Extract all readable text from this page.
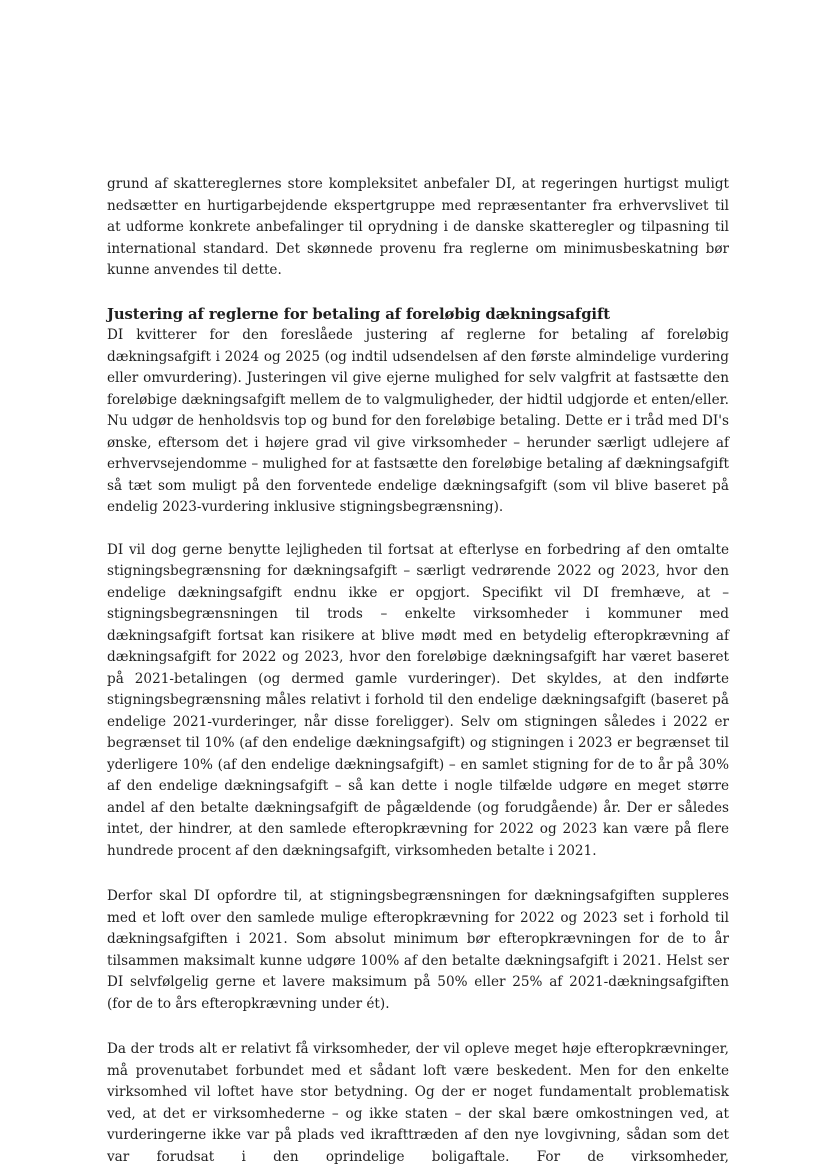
grund af skattereglernes store kompleksitet anbefaler DI, at regeringen hurtigst muligt nedsætter en hurtigarbejdende ekspertgruppe med repræsentanter fra erhvervslivet til at udforme konkrete anbefalinger til oprydning i de danske skatteregler og tilpasning til international standard. Det skønnede provenu fra reglerne om minimusbeskatning bør kunne anvendes til dette.

Justering af reglerne for betaling af foreløbig dækningsafgift

DI kvitterer for den foreslåede justering af reglerne for betaling af foreløbig dækningsafgift i 2024 og 2025 (og indtil udsendelsen af den første almindelige vurdering eller omvurdering). Justeringen vil give ejerne mulighed for selv valgfrit at fastsætte den foreløbige dækningsafgift mellem de to valgmuligheder, der hidtil udgjorde et enten/eller. Nu udgør de henholdsvis top og bund for den foreløbige betaling. Dette er i tråd med DI's ønske, eftersom det i højere grad vil give virksomheder – herunder særligt udlejere af erhvervsejendomme – mulighed for at fastsætte den foreløbige betaling af dækningsafgift så tæt som muligt på den forventede endelige dækningsafgift (som vil blive baseret på endelig 2023-vurdering inklusive stigningsbegrænsning).

DI vil dog gerne benytte lejligheden til fortsat at efterlyse en forbedring af den omtalte stigningsbegrænsning for dækningsafgift – særligt vedrørende 2022 og 2023, hvor den endelige dækningsafgift endnu ikke er opgjort. Specifikt vil DI fremhæve, at – stigningsbegrænsningen til trods – enkelte virksomheder i kommuner med dækningsafgift fortsat kan risikere at blive mødt med en betydelig efteropkrævning af dækningsafgift for 2022 og 2023, hvor den foreløbige dækningsafgift har været baseret på 2021-betalingen (og dermed gamle vurderinger). Det skyldes, at den indførte stigningsbegrænsning måles relativt i forhold til den endelige dækningsafgift (baseret på endelige 2021-vurderinger, når disse foreligger). Selv om stigningen således i 2022 er begrænset til 10% (af den endelige dækningsafgift) og stigningen i 2023 er begrænset til yderligere 10% (af den endelige dækningsafgift) – en samlet stigning for de to år på 30% af den endelige dækningsafgift – så kan dette i nogle tilfælde udgøre en meget større andel af den betalte dækningsafgift de pågældende (og forudgående) år. Der er således intet, der hindrer, at den samlede efteropkrævning for 2022 og 2023 kan være på flere hundrede procent af den dækningsafgift, virksomheden betalte i 2021.

Derfor skal DI opfordre til, at stigningsbegrænsningen for dækningsafgiften suppleres med et loft over den samlede mulige efteropkrævning for 2022 og 2023 set i forhold til dækningsafgiften i 2021. Som absolut minimum bør efteropkrævningen for de to år tilsammen maksimalt kunne udgøre 100% af den betalte dækningsafgift i 2021. Helst ser DI selvfølgelig gerne et lavere maksimum på 50% eller 25% af 2021-dækningsafgiften (for de to års efteropkrævning under ét).

Da der trods alt er relativt få virksomheder, der vil opleve meget høje efteropkrævninger, må provenutabet forbundet med et sådant loft være beskedent. Men for den enkelte virksomhed vil loftet have stor betydning. Og der er noget fundamentalt problematisk ved, at det er virksomhederne – og ikke staten – der skal bære omkostningen ved, at vurderingerne ikke var på plads ved ikrafttræden af den nye lovgivning, sådan som det var forudsat i den oprindelige boligaftale. For de virksomheder,
